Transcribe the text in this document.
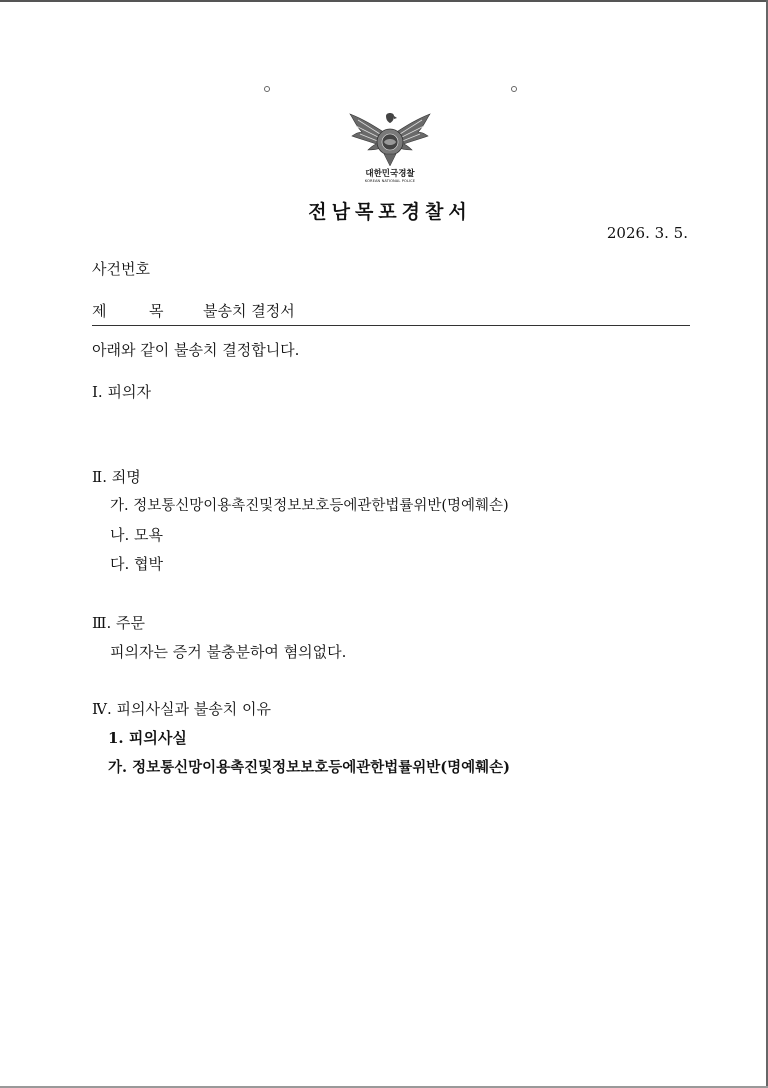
대한민국경찰
KOREAN NATIONAL POLICE
전남목포경찰서
2026. 3. 5.
사건번호
제	목	불송치 결정서
아래와 같이 불송치 결정합니다.
Ⅰ. 피의자
Ⅱ. 죄명
가. 정보통신망이용촉진및정보보호등에관한법률위반(명예훼손)
나. 모욕
다. 협박
Ⅲ. 주문
피의자는 증거 불충분하여 혐의없다.
Ⅳ. 피의사실과 불송치 이유
1. 피의사실
가. 정보통신망이용촉진및정보보호등에관한법률위반(명예훼손)
